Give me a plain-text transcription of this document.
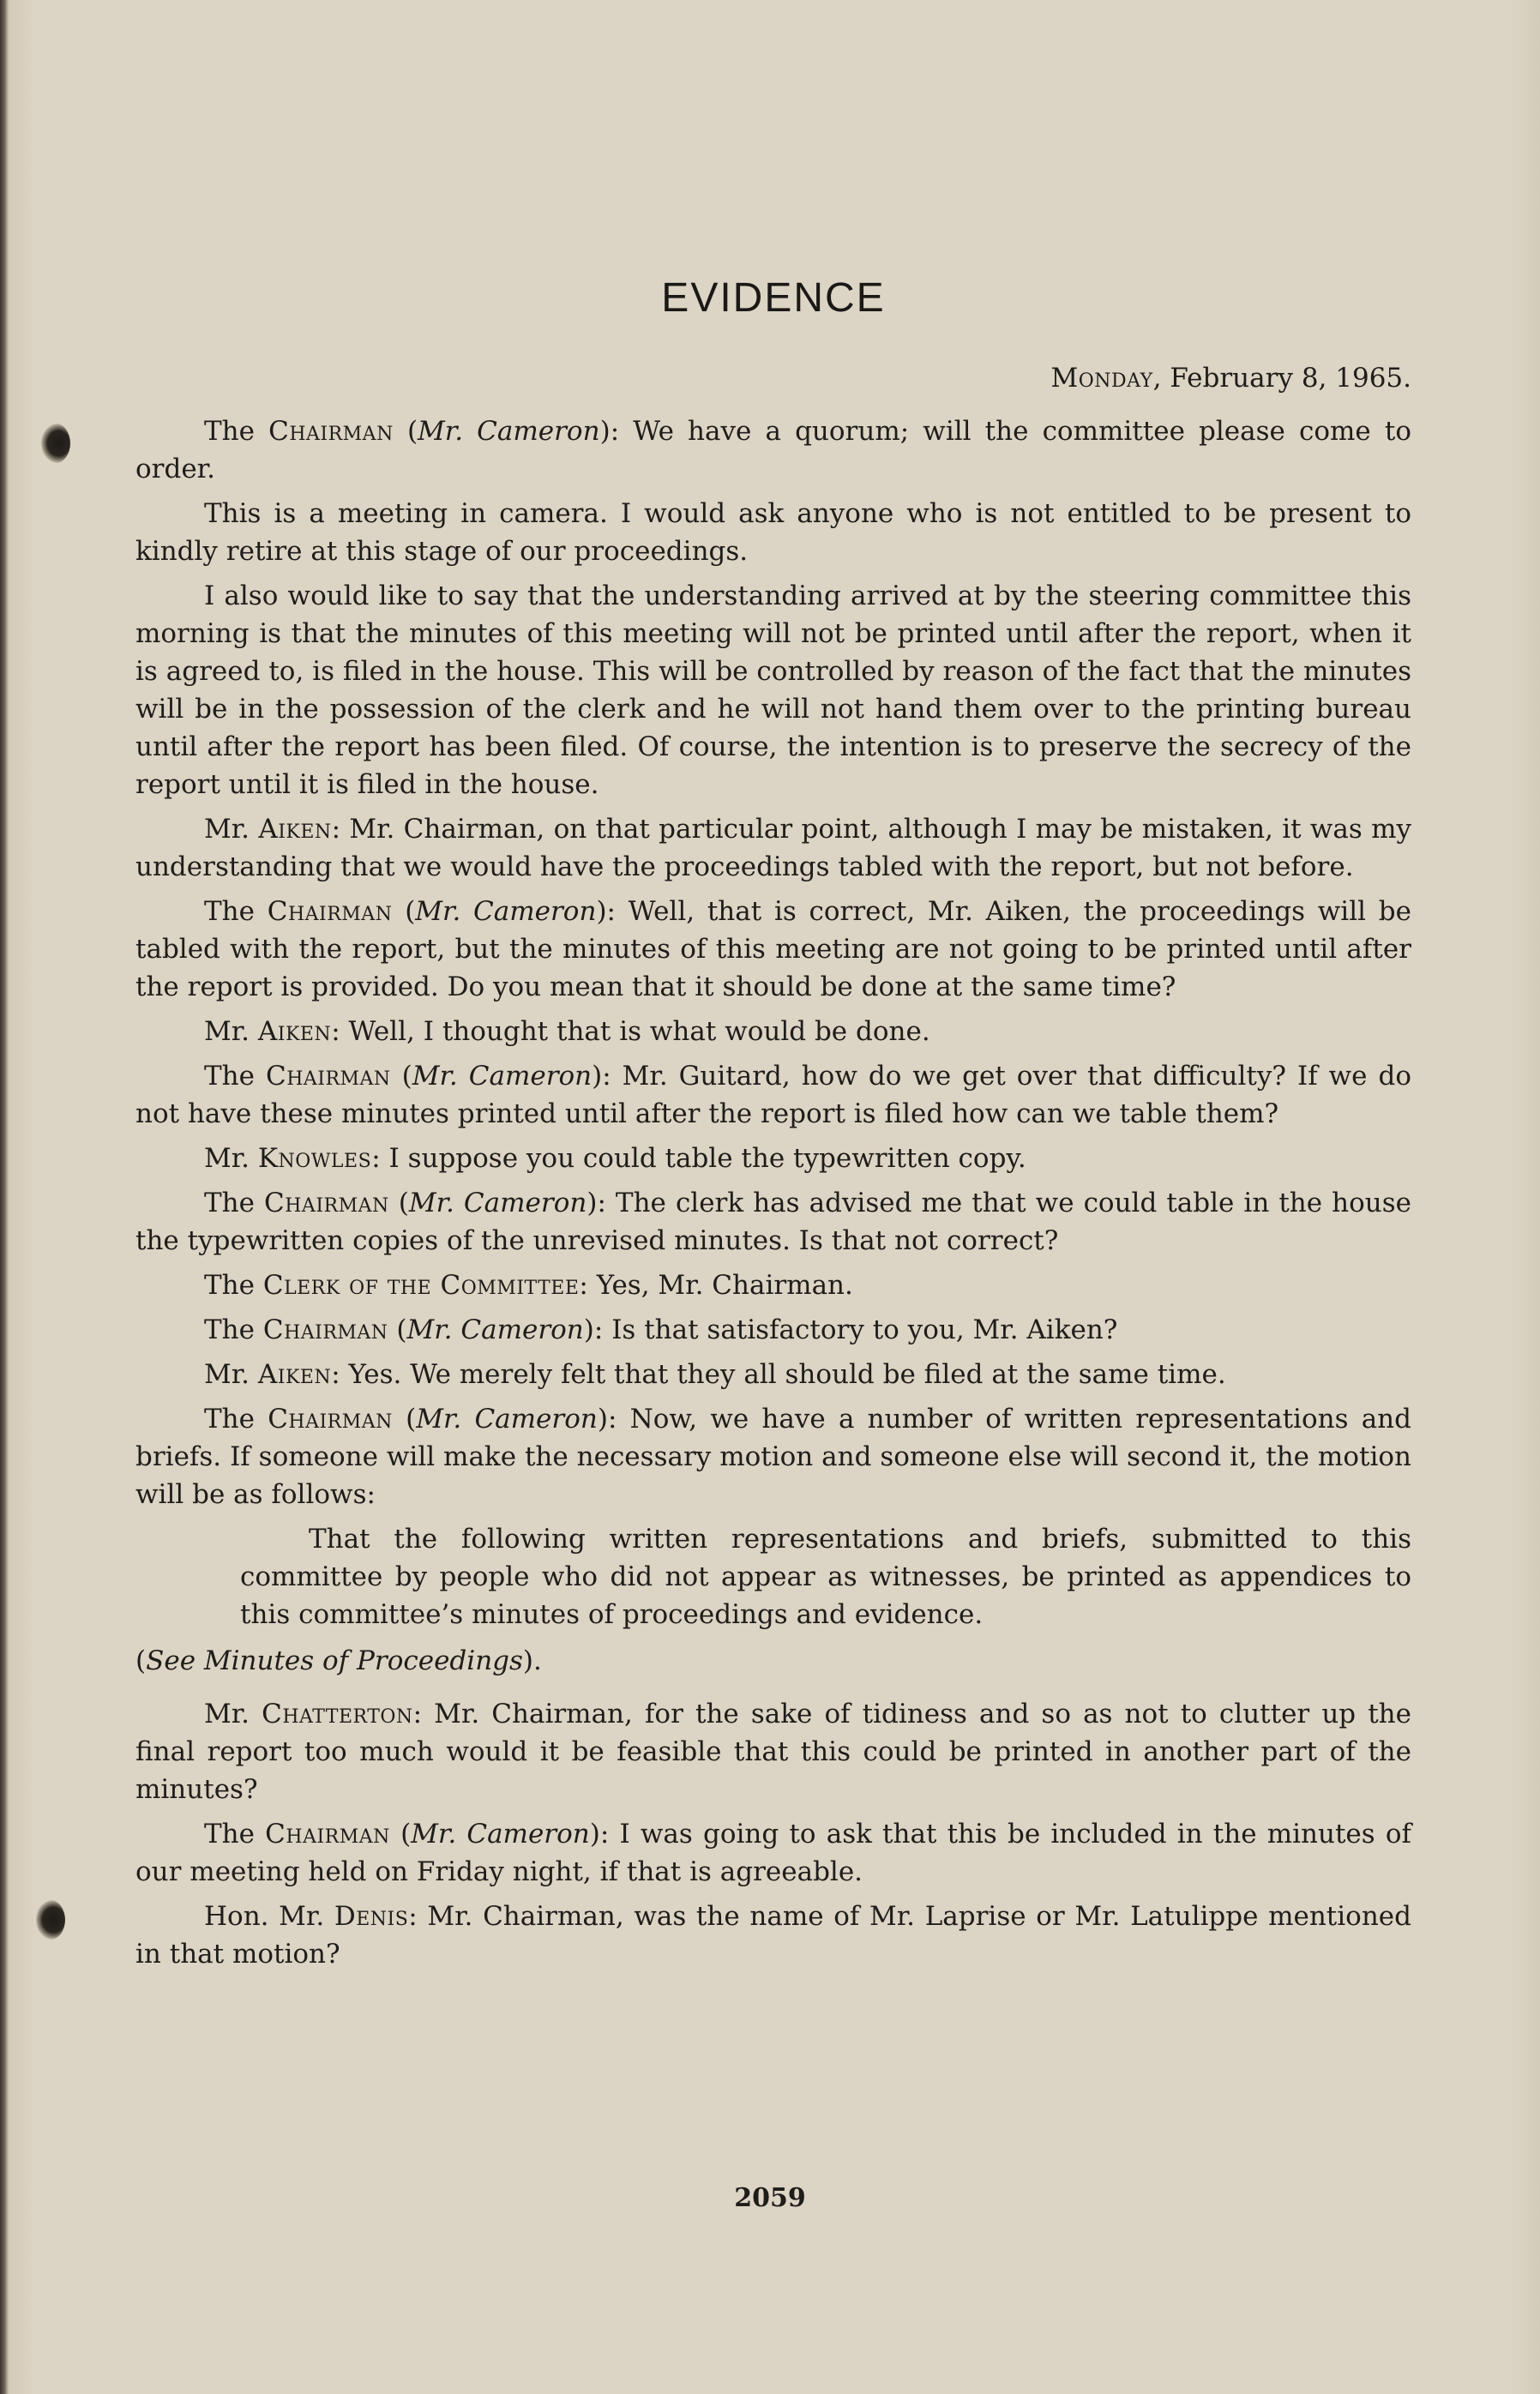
EVIDENCE
Monday, February 8, 1965.

The Chairman (Mr. Cameron): We have a quorum; will the committee please come to order.

This is a meeting in camera. I would ask anyone who is not entitled to be present to kindly retire at this stage of our proceedings.

I also would like to say that the understanding arrived at by the steering committee this morning is that the minutes of this meeting will not be printed until after the report, when it is agreed to, is filed in the house. This will be controlled by reason of the fact that the minutes will be in the possession of the clerk and he will not hand them over to the printing bureau until after the report has been filed. Of course, the intention is to preserve the secrecy of the report until it is filed in the house.

Mr. Aiken: Mr. Chairman, on that particular point, although I may be mistaken, it was my understanding that we would have the proceedings tabled with the report, but not before.

The Chairman (Mr. Cameron): Well, that is correct, Mr. Aiken, the proceedings will be tabled with the report, but the minutes of this meeting are not going to be printed until after the report is provided. Do you mean that it should be done at the same time?

Mr. Aiken: Well, I thought that is what would be done.

The Chairman (Mr. Cameron): Mr. Guitard, how do we get over that difficulty? If we do not have these minutes printed until after the report is filed how can we table them?

Mr. Knowles: I suppose you could table the typewritten copy.

The Chairman (Mr. Cameron): The clerk has advised me that we could table in the house the typewritten copies of the unrevised minutes. Is that not correct?

The Clerk of the Committee: Yes, Mr. Chairman.

The Chairman (Mr. Cameron): Is that satisfactory to you, Mr. Aiken?

Mr. Aiken: Yes. We merely felt that they all should be filed at the same time.

The Chairman (Mr. Cameron): Now, we have a number of written representations and briefs. If someone will make the necessary motion and someone else will second it, the motion will be as follows:

That the following written representations and briefs, submitted to this committee by people who did not appear as witnesses, be printed as appendices to this committee’s minutes of proceedings and evidence.

(See Minutes of Proceedings).

Mr. Chatterton: Mr. Chairman, for the sake of tidiness and so as not to clutter up the final report too much would it be feasible that this could be printed in another part of the minutes?

The Chairman (Mr. Cameron): I was going to ask that this be included in the minutes of our meeting held on Friday night, if that is agreeable.

Hon. Mr. Denis: Mr. Chairman, was the name of Mr. Laprise or Mr. Latulippe mentioned in that motion?

2059
